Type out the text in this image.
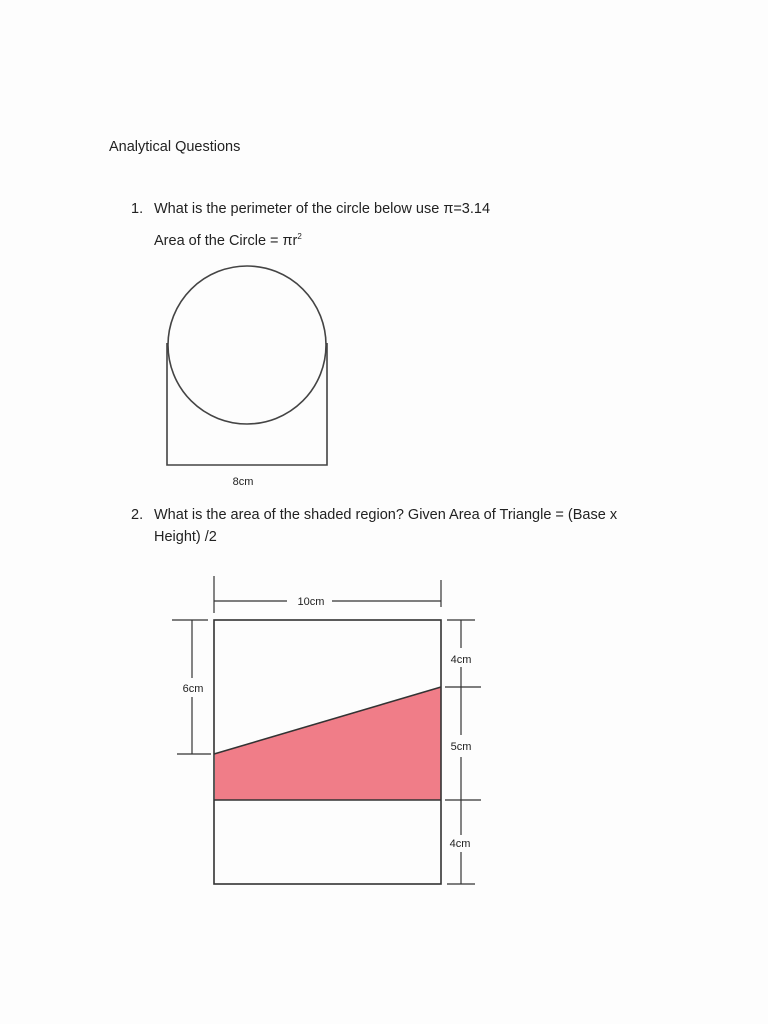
Analytical Questions
1. What is the perimeter of the circle below use π=3.14
Area of the Circle = $\pi r^2$
8cm
2. What is the area of the shaded region? Given Area of Triangle = (Base x
Height) /2
10cm
6cm
4cm
5cm
4cm
